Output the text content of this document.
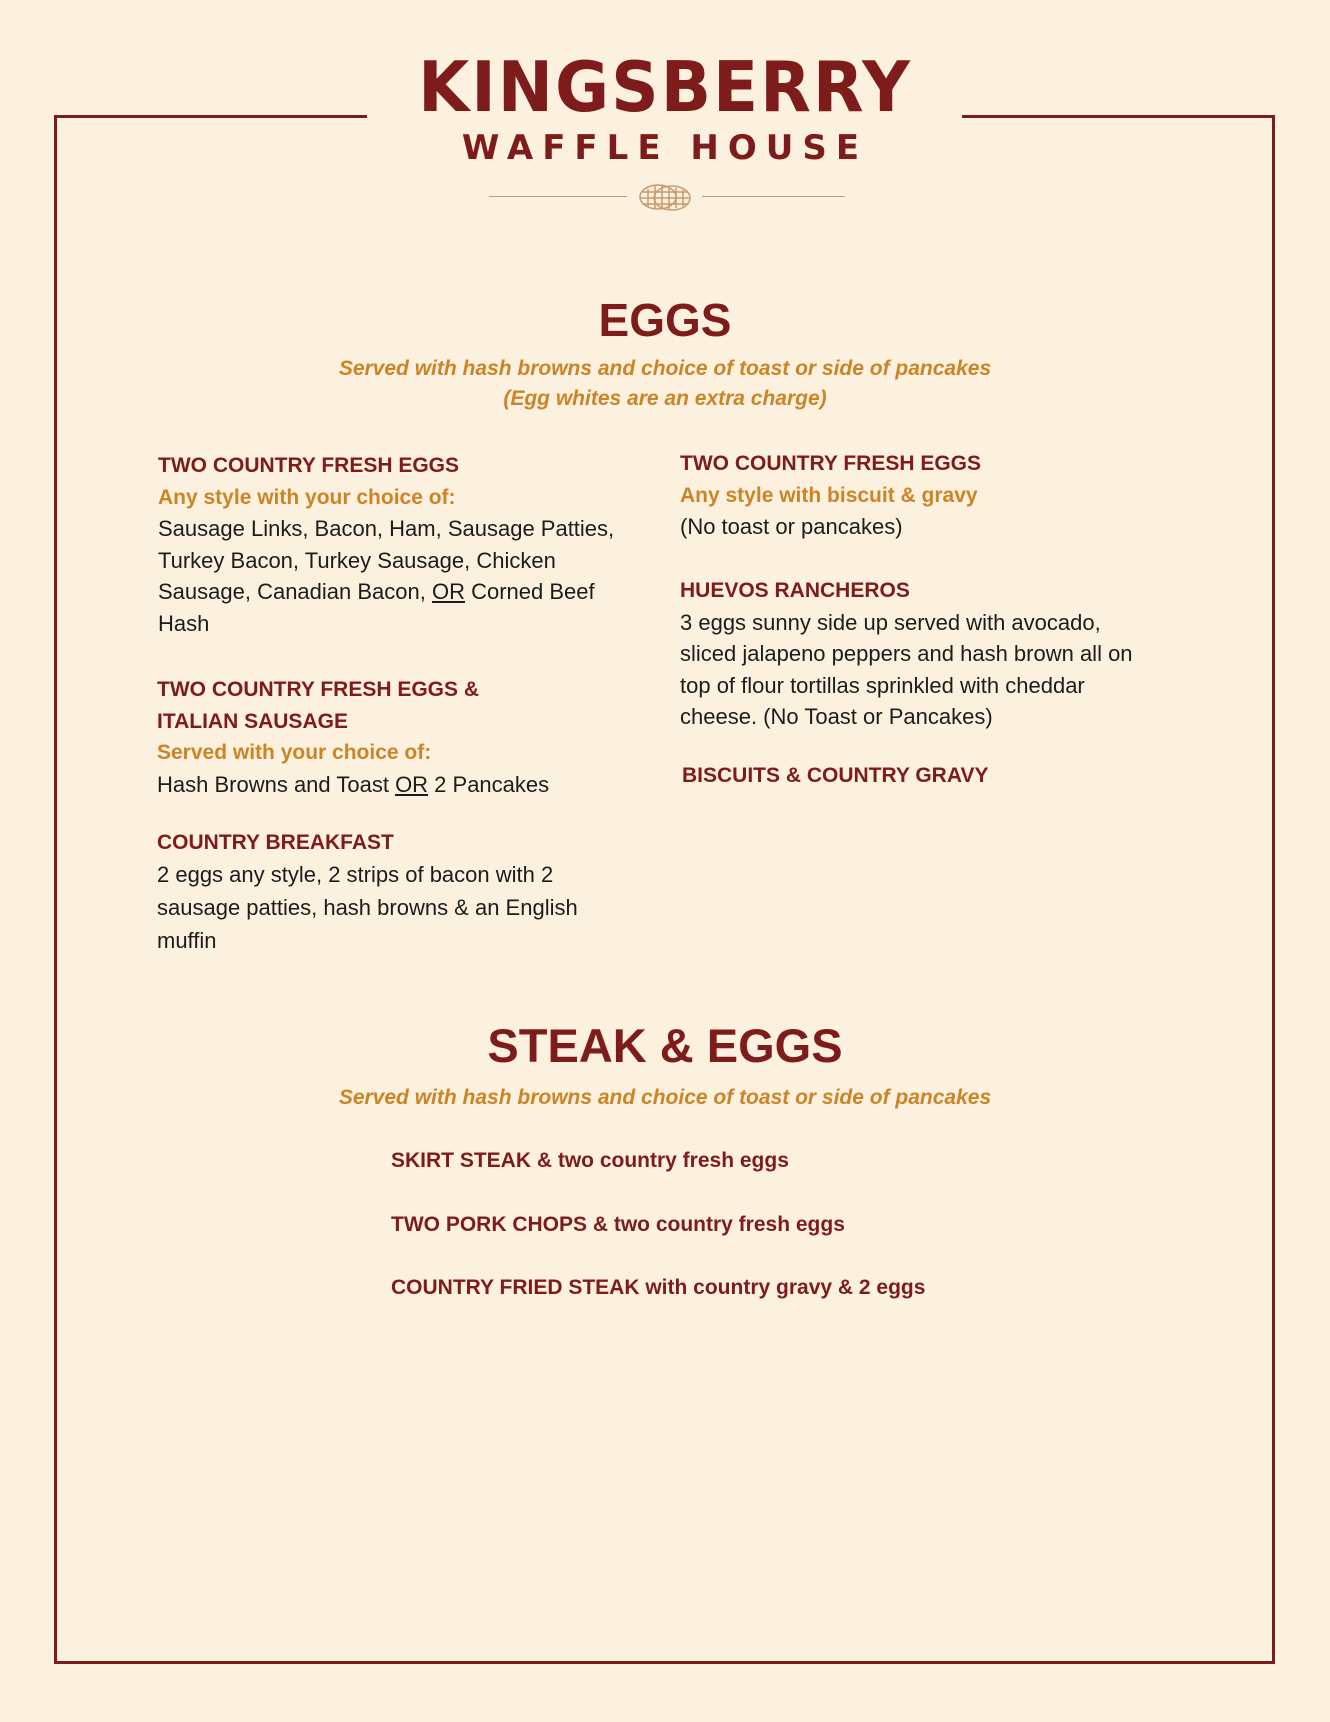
KINGSBERRY
WAFFLE HOUSE
EGGS
Served with hash browns and choice of toast or side of pancakes
(Egg whites are an extra charge)
TWO COUNTRY FRESH EGGS
Any style with your choice of:
Sausage Links, Bacon, Ham, Sausage Patties, Turkey Bacon, Turkey Sausage, Chicken Sausage, Canadian Bacon, OR Corned Beef Hash
TWO COUNTRY FRESH EGGS &
ITALIAN SAUSAGE
Served with your choice of:
Hash Browns and Toast OR 2 Pancakes
COUNTRY BREAKFAST
2 eggs any style, 2 strips of bacon with 2 sausage patties, hash browns & an English muffin
TWO COUNTRY FRESH EGGS
Any style with biscuit & gravy
(No toast or pancakes)
HUEVOS RANCHEROS
3 eggs sunny side up served with avocado, sliced jalapeno peppers and hash brown all on top of flour tortillas sprinkled with cheddar cheese. (No Toast or Pancakes)
BISCUITS & COUNTRY GRAVY
STEAK & EGGS
Served with hash browns and choice of toast or side of pancakes
SKIRT STEAK & two country fresh eggs
TWO PORK CHOPS & two country fresh eggs
COUNTRY FRIED STEAK with country gravy & 2 eggs
